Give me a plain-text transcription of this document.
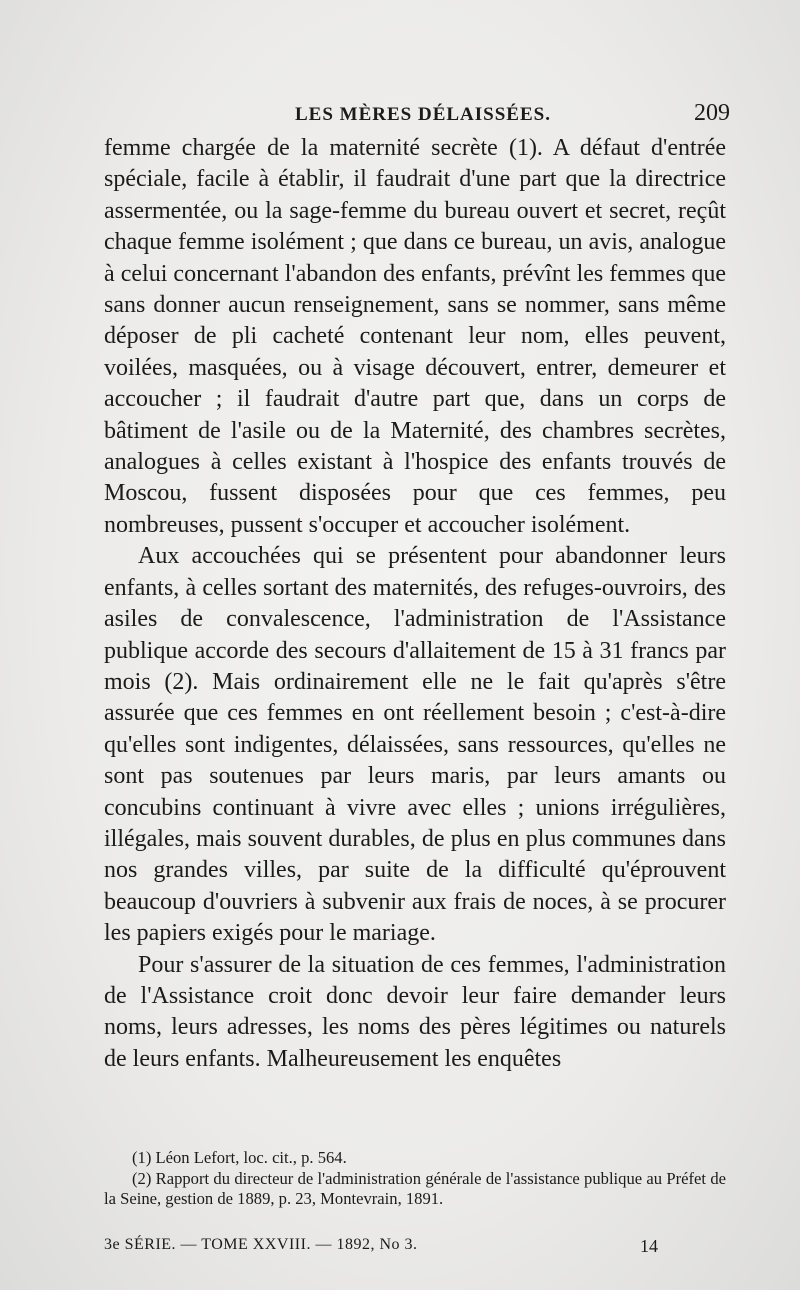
LES MÈRES DÉLAISSÉES.	209

femme chargée de la maternité secrète (1). A défaut d'entrée spéciale, facile à établir, il faudrait d'une part que la directrice assermentée, ou la sage-femme du bureau ouvert et secret, reçût chaque femme isolément ; que dans ce bureau, un avis, analogue à celui concernant l'abandon des enfants, prévînt les femmes que sans donner aucun renseignement, sans se nommer, sans même déposer de pli cacheté contenant leur nom, elles peuvent, voilées, masquées, ou à visage découvert, entrer, demeurer et accoucher ; il faudrait d'autre part que, dans un corps de bâtiment de l'asile ou de la Maternité, des chambres secrètes, analogues à celles existant à l'hospice des enfants trouvés de Moscou, fussent disposées pour que ces femmes, peu nombreuses, pussent s'occuper et accoucher isolément.

Aux accouchées qui se présentent pour abandonner leurs enfants, à celles sortant des maternités, des refuges-ouvroirs, des asiles de convalescence, l'administration de l'Assistance publique accorde des secours d'allaitement de 15 à 31 francs par mois (2). Mais ordinairement elle ne le fait qu'après s'être assurée que ces femmes en ont réellement besoin ; c'est-à-dire qu'elles sont indigentes, délaissées, sans ressources, qu'elles ne sont pas soutenues par leurs maris, par leurs amants ou concubins continuant à vivre avec elles ; unions irrégulières, illégales, mais souvent durables, de plus en plus communes dans nos grandes villes, par suite de la difficulté qu'éprouvent beaucoup d'ouvriers à subvenir aux frais de noces, à se procurer les papiers exigés pour le mariage.

Pour s'assurer de la situation de ces femmes, l'administration de l'Assistance croit donc devoir leur faire demander leurs noms, leurs adresses, les noms des pères légitimes ou naturels de leurs enfants. Malheureusement les enquêtes

(1) Léon Lefort, loc. cit., p. 564.

(2) Rapport du directeur de l'administration générale de l'assistance publique au Préfet de la Seine, gestion de 1889, p. 23, Montevrain, 1891.

3e SÉRIE. — TOME XXVIII. — 1892, No 3.	14
